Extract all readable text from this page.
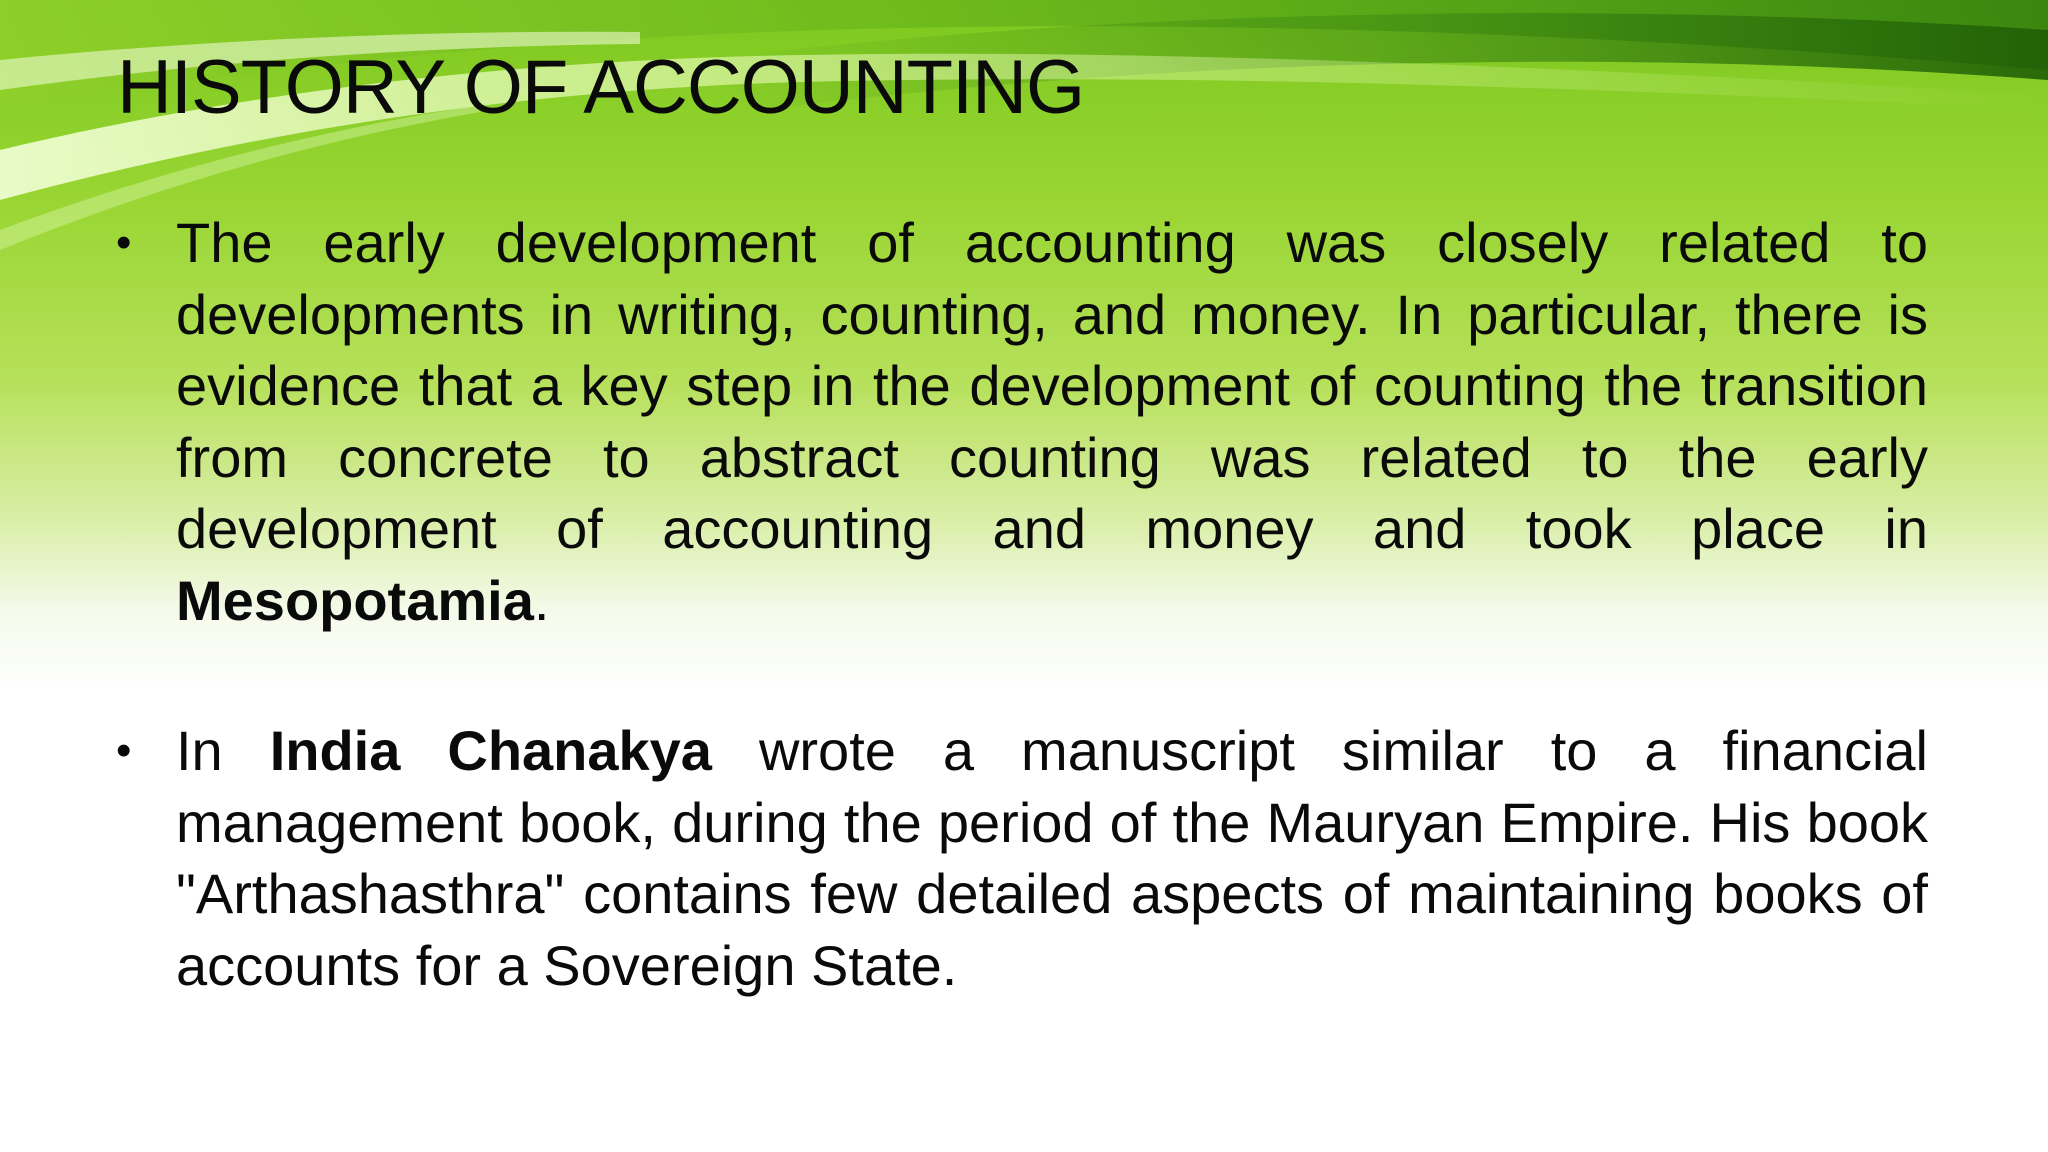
HISTORY OF ACCOUNTING
• The early development of accounting was closely related to developments in writing, counting, and money. In particular, there is evidence that a key step in the development of counting the transition from concrete to abstract counting was related to the early development of accounting and money and took place in Mesopotamia.
• In India Chanakya wrote a manuscript similar to a financial management book, during the period of the Mauryan Empire. His book "Arthashasthra" contains few detailed aspects of maintaining books of accounts for a Sovereign State.
